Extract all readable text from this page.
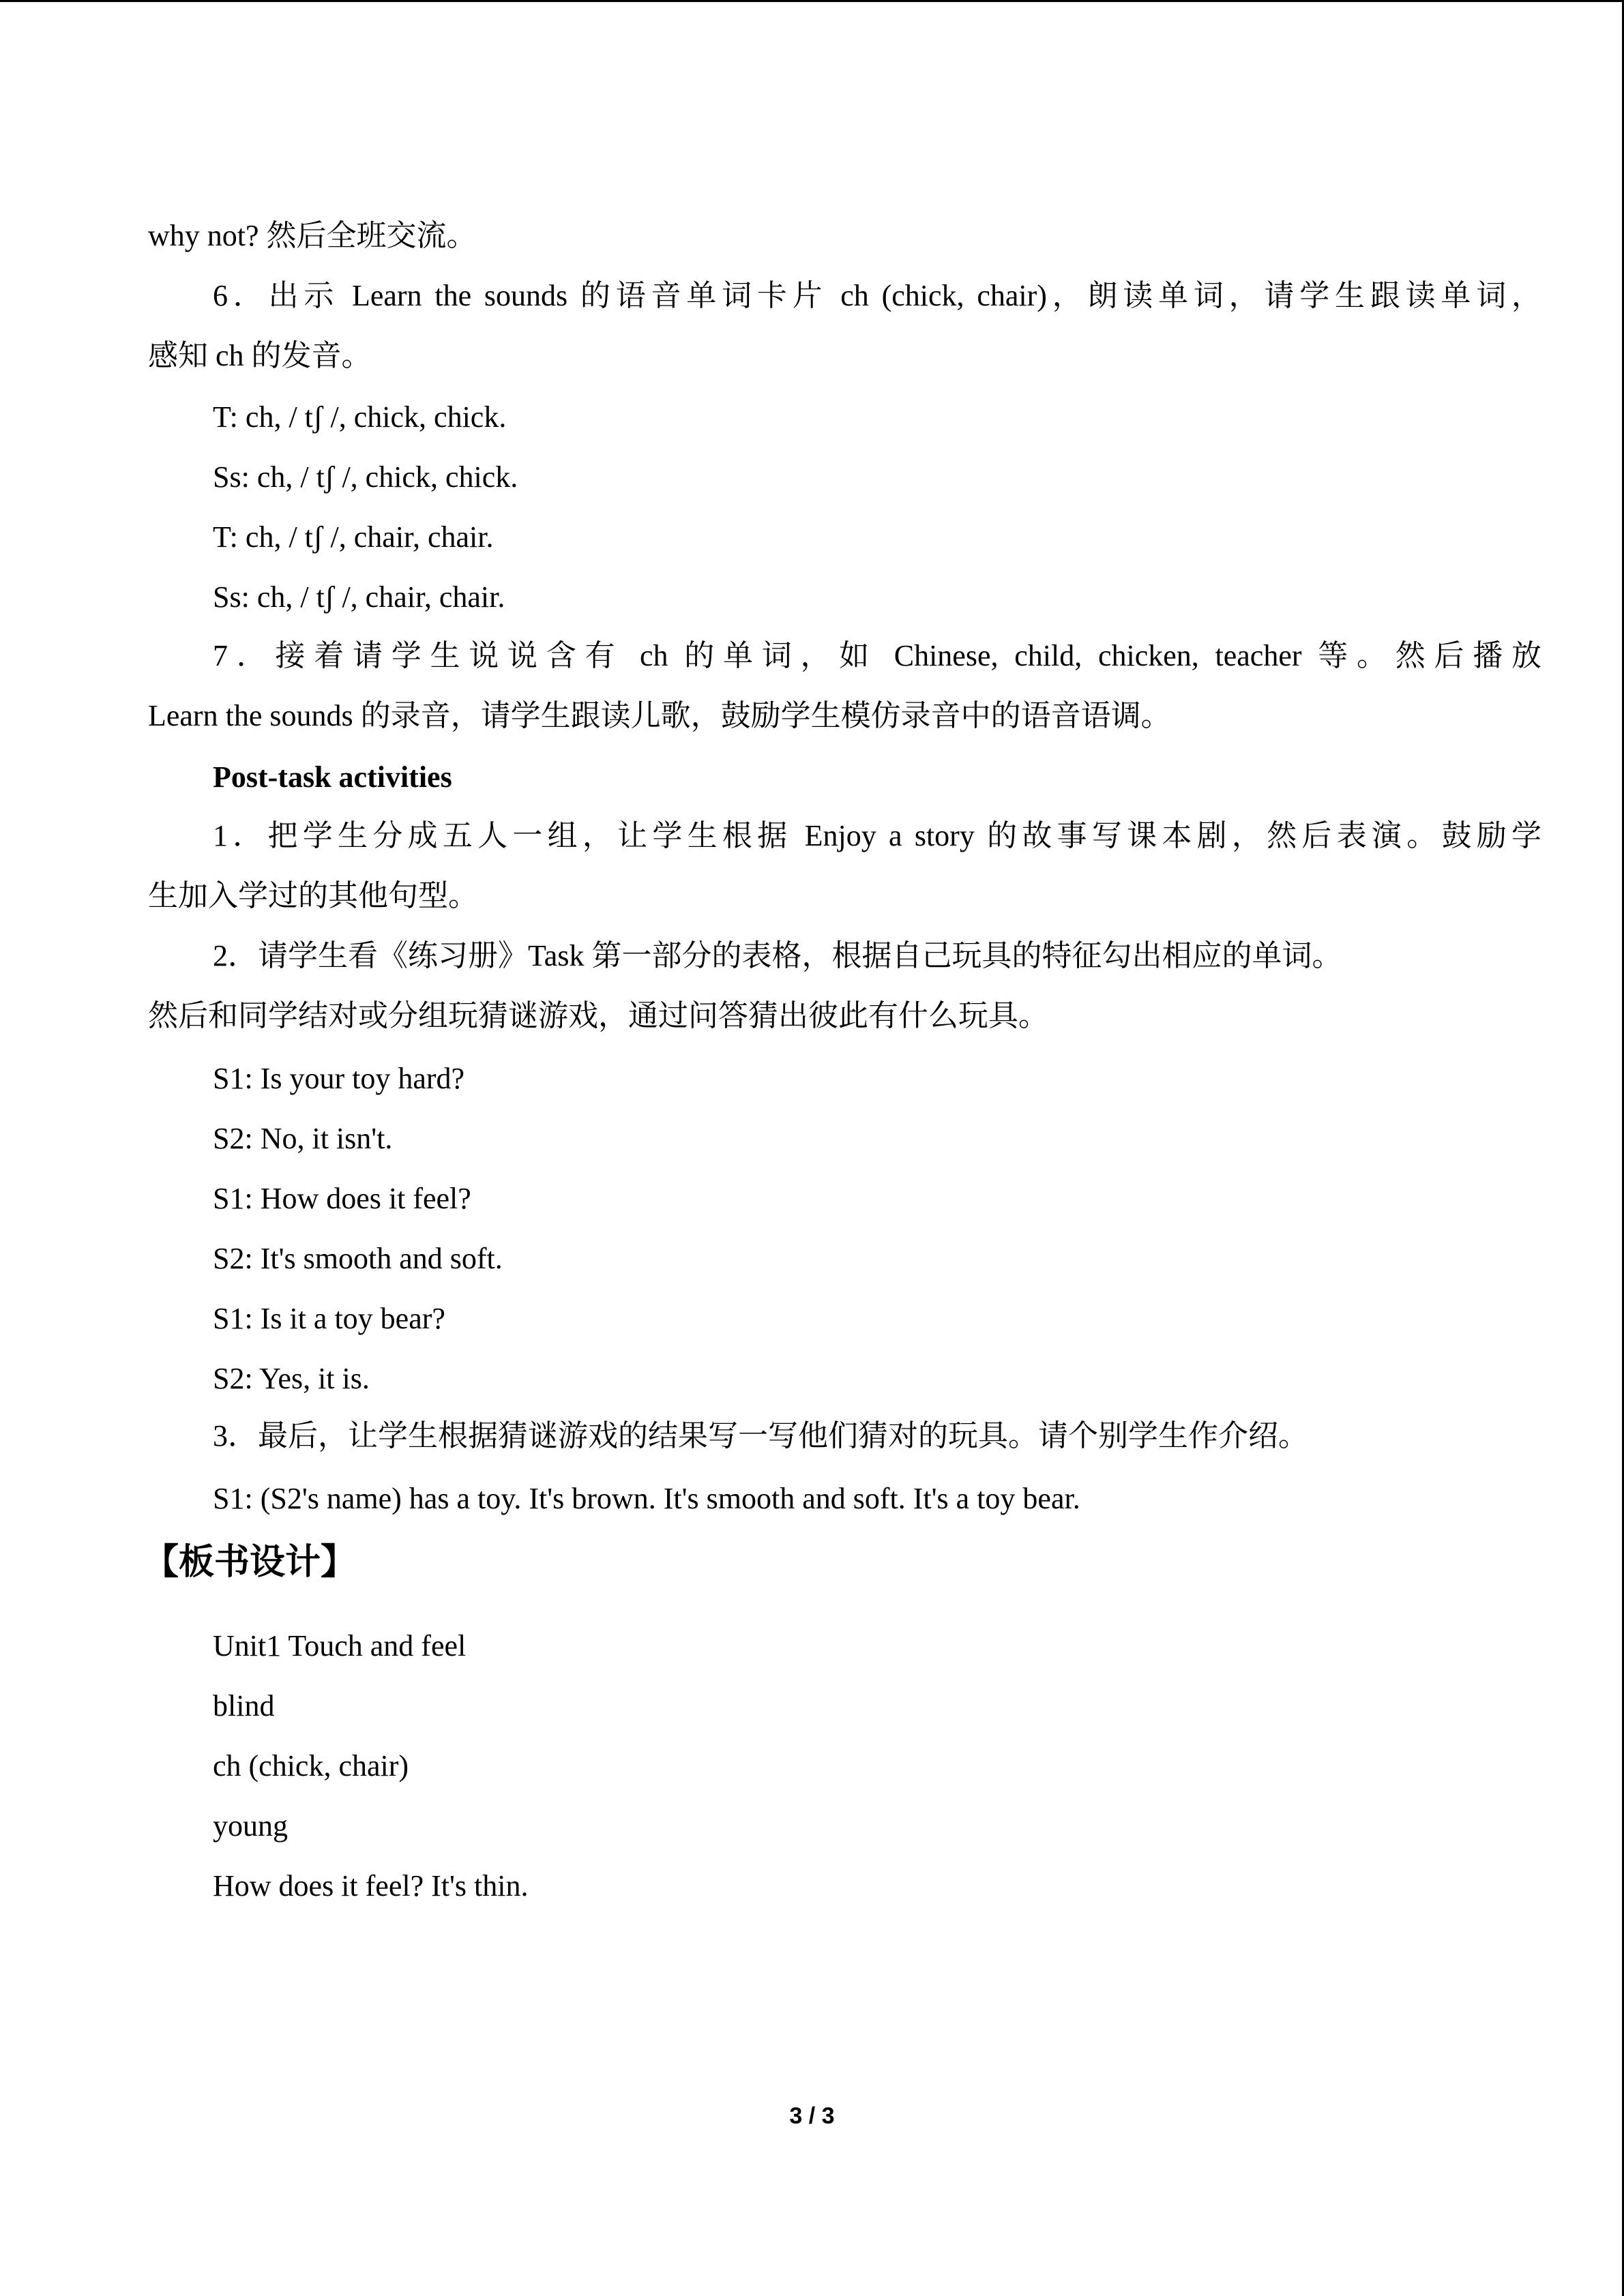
why not? 然后全班交流。
6．出示 Learn the sounds 的语音单词卡片 ch (chick, chair)，朗读单词，请学生跟读单词，
感知 ch 的发音。
T: ch, / tʃ /, chick, chick.
Ss: ch, / tʃ /, chick, chick.
T: ch, / tʃ /, chair, chair.
Ss: ch, / tʃ /, chair, chair.
7．接着请学生说说含有 ch 的单词，如 Chinese, child, chicken, teacher 等。然后播放
Learn the sounds 的录音，请学生跟读儿歌，鼓励学生模仿录音中的语音语调。
Post-task activities
1．把学生分成五人一组，让学生根据 Enjoy a story 的故事写课本剧，然后表演。鼓励学
生加入学过的其他句型。
2．请学生看《练习册》Task 第一部分的表格，根据自己玩具的特征勾出相应的单词。
然后和同学结对或分组玩猜谜游戏，通过问答猜出彼此有什么玩具。
S1: Is your toy hard?
S2: No, it isn't.
S1: How does it feel?
S2: It's smooth and soft.
S1: Is it a toy bear?
S2: Yes, it is.
3．最后，让学生根据猜谜游戏的结果写一写他们猜对的玩具。请个别学生作介绍。
S1: (S2's name) has a toy. It's brown. It's smooth and soft. It's a toy bear.
【板书设计】
Unit1 Touch and feel
blind
ch (chick, chair)
young
How does it feel? It's thin.
3 / 3
